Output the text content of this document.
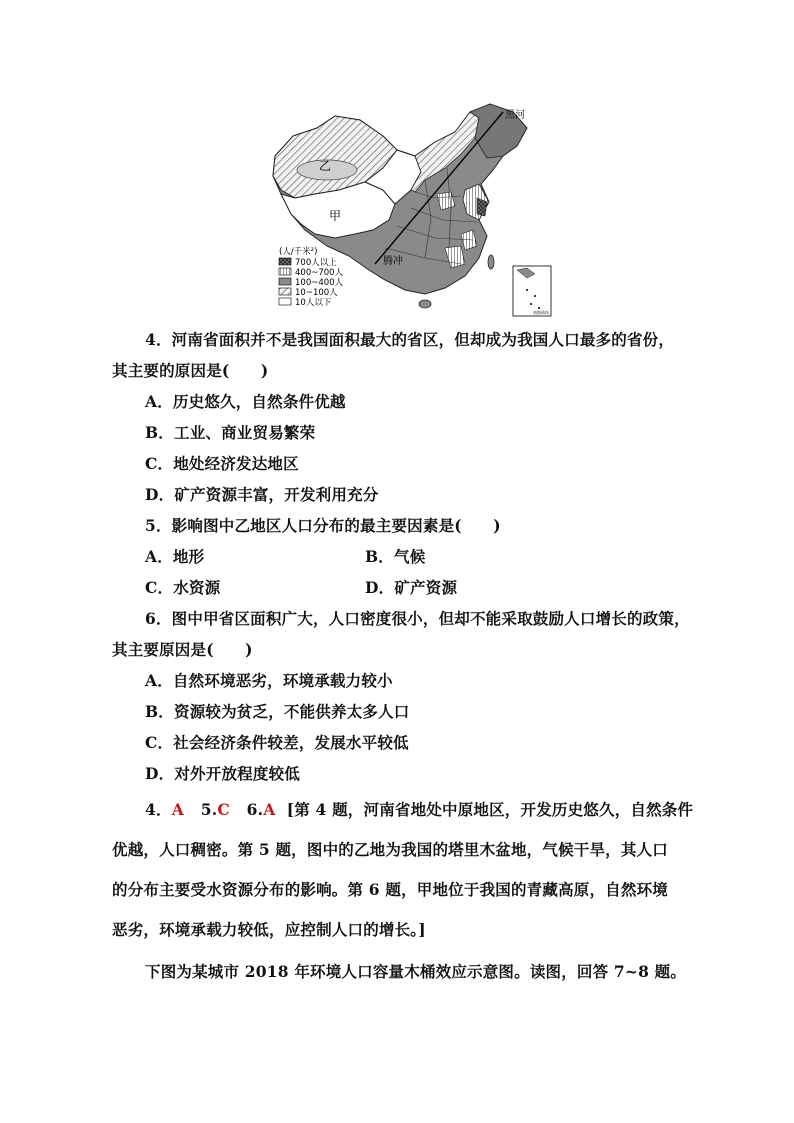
黑河
乙
甲
腾冲
(人/千米²)
700人以上
400~700人
100~400人
10~100人
10人以下
南海诸岛
4．河南省面积并不是我国面积最大的省区，但却成为我国人口最多的省份，
其主要的原因是(　　)
A．历史悠久，自然条件优越
B．工业、商业贸易繁荣
C．地处经济发达地区
D．矿产资源丰富，开发利用充分
5．影响图中乙地区人口分布的最主要因素是(　　)
A．地形	B．气候
C．水资源	D．矿产资源
6．图中甲省区面积广大，人口密度很小，但却不能采取鼓励人口增长的政策，
其主要原因是(　　)
A．自然环境恶劣，环境承载力较小
B．资源较为贫乏，不能供养太多人口
C．社会经济条件较差，发展水平较低
D．对外开放程度较低
4．A 5.C 6.A [第 4 题，河南省地处中原地区，开发历史悠久，自然条件
优越，人口稠密。第 5 题，图中的乙地为我国的塔里木盆地，气候干旱，其人口
的分布主要受水资源分布的影响。第 6 题，甲地位于我国的青藏高原，自然环境
恶劣，环境承载力较低，应控制人口的增长。]
下图为某城市 2018 年环境人口容量木桶效应示意图。读图，回答 7~8 题。
